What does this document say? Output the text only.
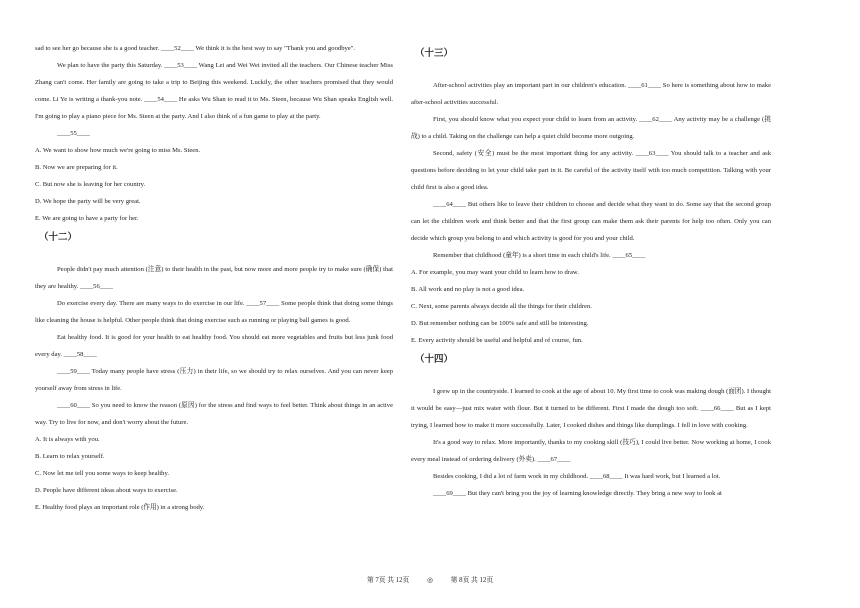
sad to see her go because she is a good teacher. ____52____ We think it is the best way to say "Thank you and goodbye".

We plan to have the party this Saturday. ____53____ Wang Lei and Wei Wei invited all the teachers. Our Chinese teacher Miss Zhang can't come. Her family are going to take a trip to Beijing this weekend. Luckily, the other teachers promised that they would come. Li Ye is writing a thank-you note. ____54____ He asks Wu Shan to read it to Ms. Steen, because Wu Shan speaks English well. I'm going to play a piano piece for Ms. Steen at the party. And I also think of a fun game to play at the party.

____55____

A. We want to show how much we're going to miss Ms. Steen.

B. Now we are preparing for it.

C. But now she is leaving for her country.

D. We hope the party will be very great.

E. We are going to have a party for her.

（十二）

People didn't pay much attention (注意) to their health in the past, but now more and more people try to make sure (确保) that they are healthy. ____56____

Do exercise every day. There are many ways to do exercise in our life. ____57____ Some people think that doing some things like cleaning the house is helpful. Other people think that doing exercise such as running or playing ball games is good.

Eat healthy food. It is good for your health to eat healthy food. You should eat more vegetables and fruits but less junk food every day. ____58____

____59____ Today many people have stress (压力) in their life, so we should try to relax ourselves. And you can never keep yourself away from stress in life.

____60____ So you need to know the reason (原因) for the stress and find ways to feel better. Think about things in an active way. Try to live for now, and don't worry about the future.

A. It is always with you.

B. Learn to relax yourself.

C. Now let me tell you some ways to keep healthy.

D. People have different ideas about ways to exercise.

E. Healthy food plays an important role (作用) in a strong body.

（十三）

After-school activities play an important part in our children's education. ____61____ So here is something about how to make after-school activities successful.

First, you should know what you expect your child to learn from an activity. ____62____ Any activity may be a challenge (挑战) to a child. Taking on the challenge can help a quiet child become more outgoing.

Second, safety (安全) must be the most important thing for any activity. ____63____ You should talk to a teacher and ask questions before deciding to let your child take part in it. Be careful of the activity itself with too much competition. Talking with your child first is also a good idea.

____64____ But others like to leave their children to choose and decide what they want to do. Some say that the second group can let the children work and think better and that the first group can make them ask their parents for help too often. Only you can decide which group you belong to and which activity is good for you and your child.

Remember that childhood (童年) is a short time in each child's life. ____65____

A. For example, you may want your child to learn how to draw.

B. All work and no play is not a good idea.

C. Next, some parents always decide all the things for their children.

D. But remember nothing can be 100% safe and still be interesting.

E. Every activity should be useful and helpful and of course, fun.

（十四）

I grew up in the countryside. I learned to cook at the age of about 10. My first time to cook was making dough (面团). I thought it would be easy—just mix water with flour. But it turned to be different. First I made the dough too soft. ____66____ But as I kept trying, I learned how to make it more successfully. Later, I cooked dishes and things like dumplings. I fell in love with cooking.

It's a good way to relax. More importantly, thanks to my cooking skill (技巧), I could live better. Now working at home, I cook every meal instead of ordering delivery (外卖). ____67____

Besides cooking, I did a lot of farm work in my childhood. ____68____ It was hard work, but I learned a lot.

____69____ But they can't bring you the joy of learning knowledge directly. They bring a new way to look at

第 7页 共 12页	◎	第 8页 共 12页
